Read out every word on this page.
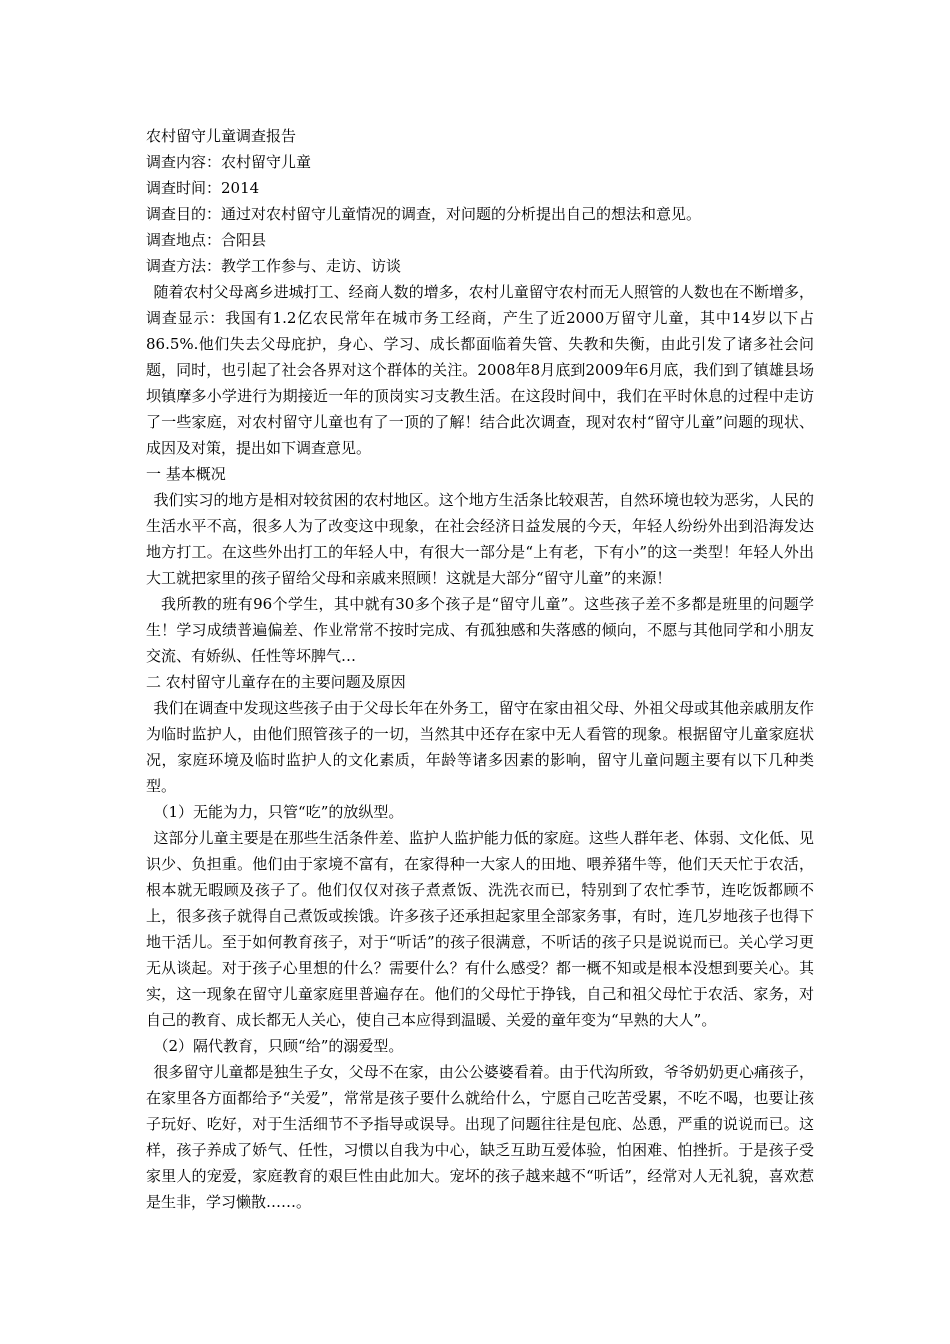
农村留守儿童调查报告

调查内容：农村留守儿童

调查时间：2014

调查目的：通过对农村留守儿童情况的调查，对问题的分析提出自己的想法和意见。

调查地点：合阳县

调查方法：教学工作参与、走访、访谈

随着农村父母离乡进城打工、经商人数的增多，农村儿童留守农村而无人照管的人数也在不断增多，调查显示：我国有1.2亿农民常年在城市务工经商，产生了近2000万留守儿童，其中14岁以下占86.5%.他们失去父母庇护，身心、学习、成长都面临着失管、失教和失衡，由此引发了诸多社会问题，同时，也引起了社会各界对这个群体的关注。2008年8月底到2009年6月底，我们到了镇雄县场坝镇摩多小学进行为期接近一年的顶岗实习支教生活。在这段时间中，我们在平时休息的过程中走访了一些家庭，对农村留守儿童也有了一顶的了解！结合此次调查，现对农村“留守儿童”问题的现状、成因及对策，提出如下调查意见。

一 基本概况

我们实习的地方是相对较贫困的农村地区。这个地方生活条比较艰苦，自然环境也较为恶劣，人民的生活水平不高，很多人为了改变这中现象，在社会经济日益发展的今天，年轻人纷纷外出到沿海发达地方打工。在这些外出打工的年轻人中，有很大一部分是“上有老，下有小”的这一类型！年轻人外出大工就把家里的孩子留给父母和亲戚来照顾！这就是大部分“留守儿童”的来源！

我所教的班有96个学生，其中就有30多个孩子是“留守儿童”。这些孩子差不多都是班里的问题学生！学习成绩普遍偏差、作业常常不按时完成、有孤独感和失落感的倾向，不愿与其他同学和小朋友交流、有娇纵、任性等坏脾气…

二 农村留守儿童存在的主要问题及原因

我们在调查中发现这些孩子由于父母长年在外务工，留守在家由祖父母、外祖父母或其他亲戚朋友作为临时监护人，由他们照管孩子的一切，当然其中还存在家中无人看管的现象。根据留守儿童家庭状况，家庭环境及临时监护人的文化素质，年龄等诸多因素的影响，留守儿童问题主要有以下几种类型。

（1）无能为力，只管“吃”的放纵型。

这部分儿童主要是在那些生活条件差、监护人监护能力低的家庭。这些人群年老、体弱、文化低、见识少、负担重。他们由于家境不富有，在家得种一大家人的田地、喂养猪牛等，他们天天忙于农活，根本就无暇顾及孩子了。他们仅仅对孩子煮煮饭、洗洗衣而已，特别到了农忙季节，连吃饭都顾不上，很多孩子就得自己煮饭或挨饿。许多孩子还承担起家里全部家务事，有时，连几岁地孩子也得下地干活儿。至于如何教育孩子，对于“听话”的孩子很满意，不听话的孩子只是说说而已。关心学习更无从谈起。对于孩子心里想的什么？需要什么？有什么感受？都一概不知或是根本没想到要关心。其实，这一现象在留守儿童家庭里普遍存在。他们的父母忙于挣钱，自己和祖父母忙于农活、家务，对自己的教育、成长都无人关心，使自己本应得到温暖、关爱的童年变为“早熟的大人”。

（2）隔代教育，只顾“给”的溺爱型。

很多留守儿童都是独生子女，父母不在家，由公公婆婆看着。由于代沟所致，爷爷奶奶更心痛孩子，在家里各方面都给予“关爱”，常常是孩子要什么就给什么，宁愿自己吃苦受累，不吃不喝，也要让孩子玩好、吃好，对于生活细节不予指导或误导。出现了问题往往是包庇、怂恿，严重的说说而已。这样，孩子养成了娇气、任性，习惯以自我为中心，缺乏互助互爱体验，怕困难、怕挫折。于是孩子受家里人的宠爱，家庭教育的艰巨性由此加大。宠坏的孩子越来越不“听话”，经常对人无礼貌，喜欢惹是生非，学习懒散……。
